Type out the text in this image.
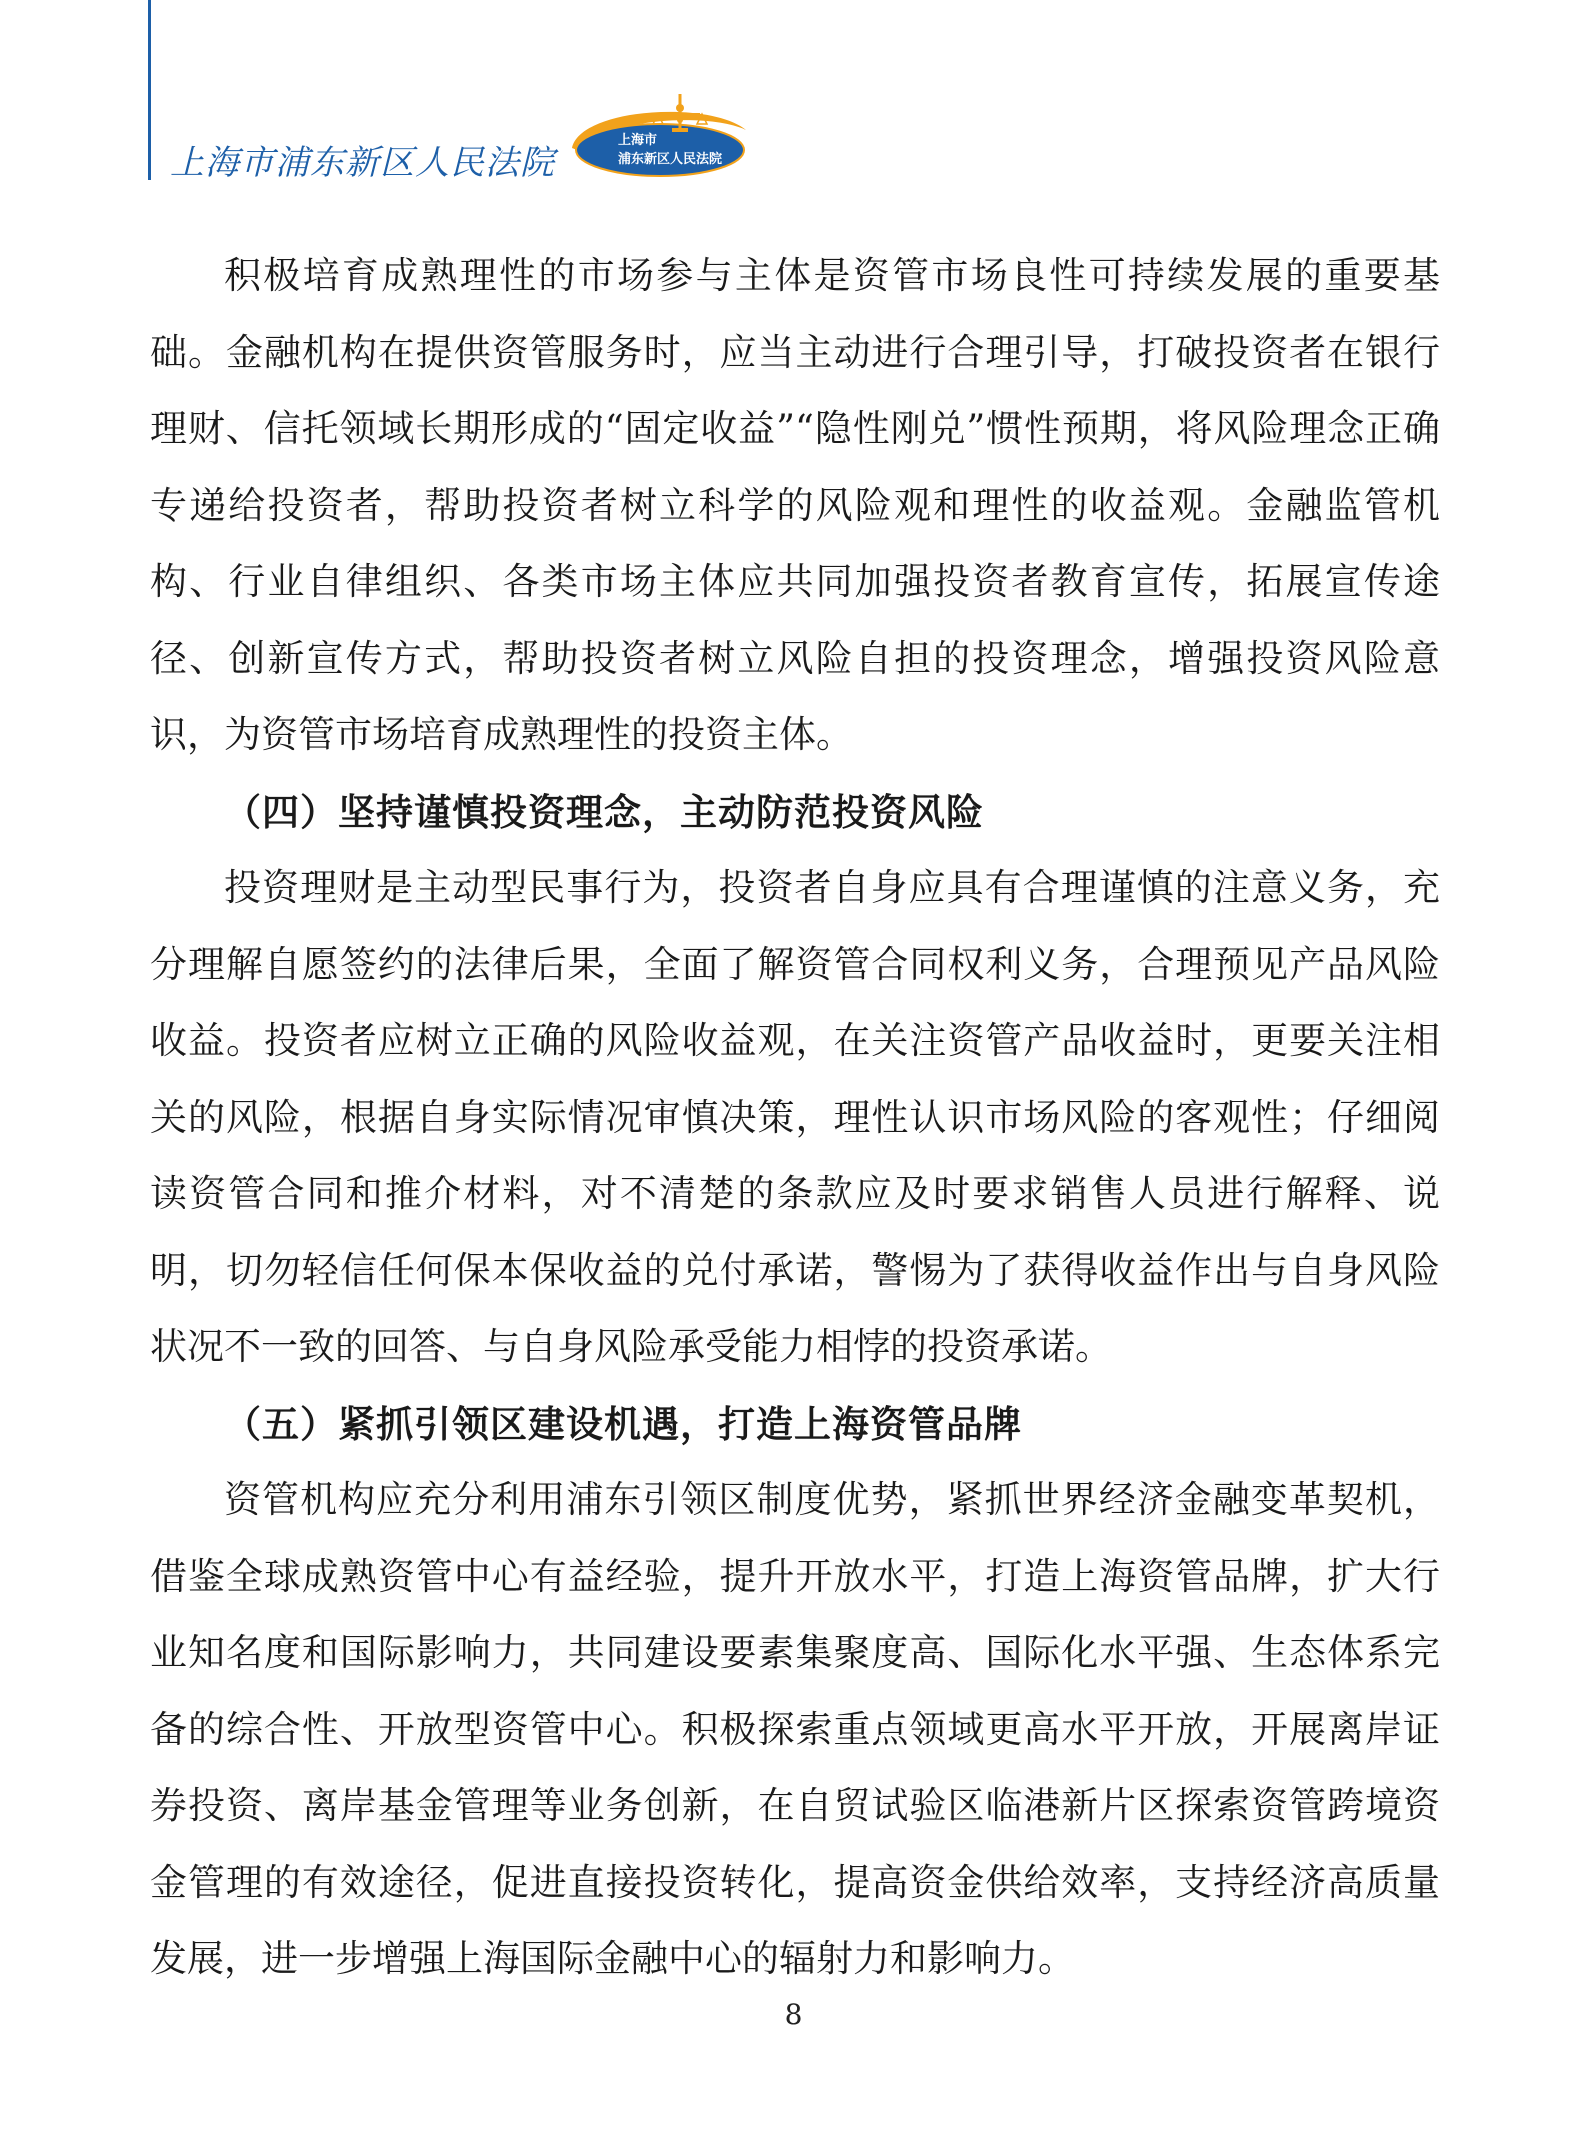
上海市浦东新区人民法院
上海市
浦东新区人民法院

积极培育成熟理性的市场参与主体是资管市场良性可持续发展的重要基础。金融机构在提供资管服务时，应当主动进行合理引导，打破投资者在银行理财、信托领域长期形成的“固定收益”“隐性刚兑”惯性预期，将风险理念正确专递给投资者，帮助投资者树立科学的风险观和理性的收益观。金融监管机构、行业自律组织、各类市场主体应共同加强投资者教育宣传，拓展宣传途径、创新宣传方式，帮助投资者树立风险自担的投资理念，增强投资风险意识，为资管市场培育成熟理性的投资主体。

（四）坚持谨慎投资理念，主动防范投资风险

投资理财是主动型民事行为，投资者自身应具有合理谨慎的注意义务，充分理解自愿签约的法律后果，全面了解资管合同权利义务，合理预见产品风险收益。投资者应树立正确的风险收益观，在关注资管产品收益时，更要关注相关的风险，根据自身实际情况审慎决策，理性认识市场风险的客观性；仔细阅读资管合同和推介材料，对不清楚的条款应及时要求销售人员进行解释、说明，切勿轻信任何保本保收益的兑付承诺，警惕为了获得收益作出与自身风险状况不一致的回答、与自身风险承受能力相悖的投资承诺。

（五）紧抓引领区建设机遇，打造上海资管品牌

资管机构应充分利用浦东引领区制度优势，紧抓世界经济金融变革契机，借鉴全球成熟资管中心有益经验，提升开放水平，打造上海资管品牌，扩大行业知名度和国际影响力，共同建设要素集聚度高、国际化水平强、生态体系完备的综合性、开放型资管中心。积极探索重点领域更高水平开放，开展离岸证券投资、离岸基金管理等业务创新，在自贸试验区临港新片区探索资管跨境资金管理的有效途径，促进直接投资转化，提高资金供给效率，支持经济高质量发展，进一步增强上海国际金融中心的辐射力和影响力。

8
